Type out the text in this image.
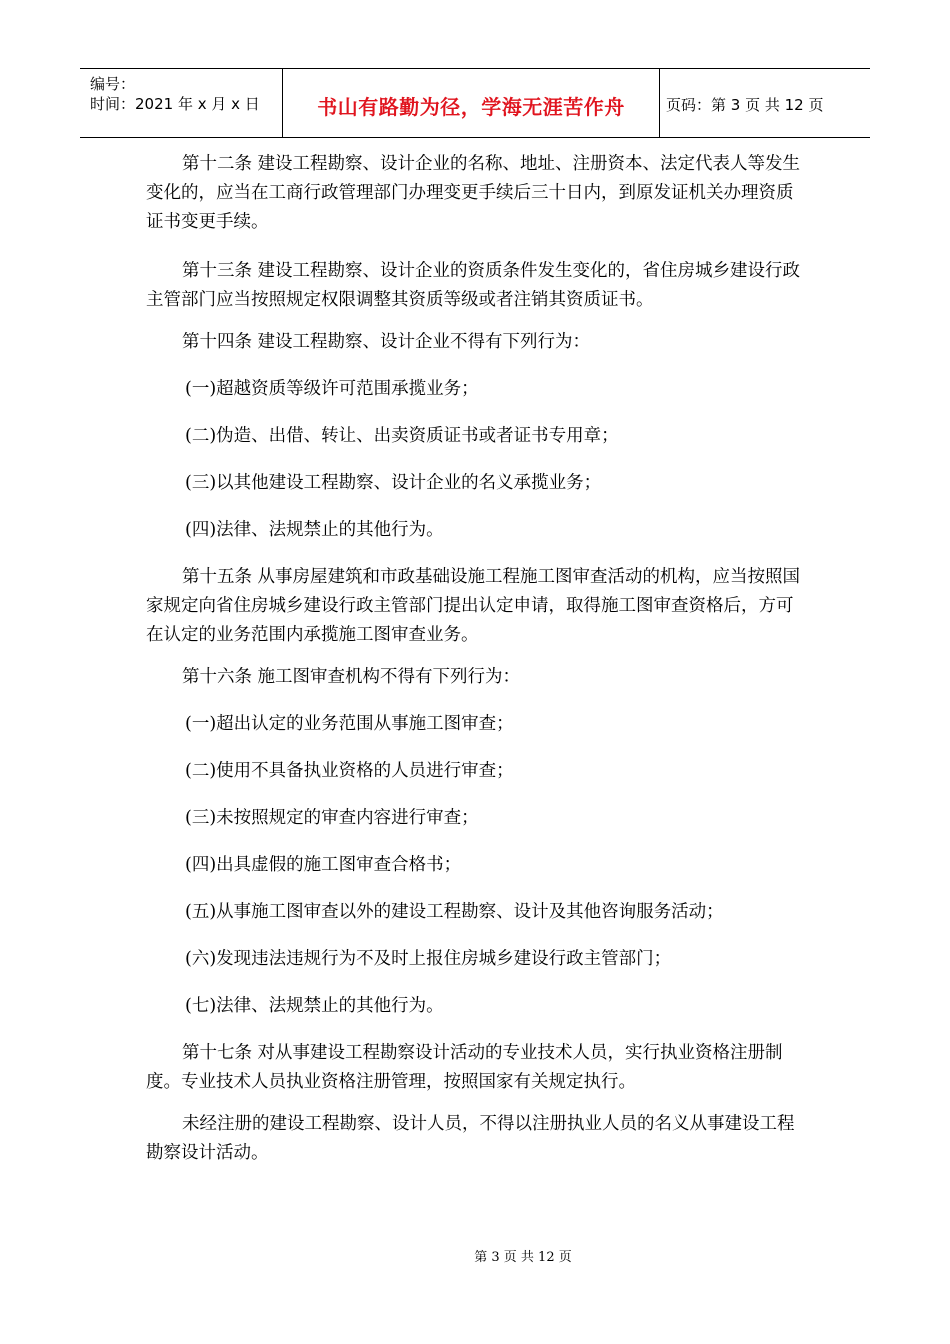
编号：
时间：2021 年 x 月 x 日	书山有路勤为径，学海无涯苦作舟	页码：第 3 页 共 12 页

第十二条 建设工程勘察、设计企业的名称、地址、注册资本、法定代表人等发生变化的，应当在工商行政管理部门办理变更手续后三十日内，到原发证机关办理资质证书变更手续。

第十三条 建设工程勘察、设计企业的资质条件发生变化的，省住房城乡建设行政主管部门应当按照规定权限调整其资质等级或者注销其资质证书。

第十四条 建设工程勘察、设计企业不得有下列行为：

(一)超越资质等级许可范围承揽业务；

(二)伪造、出借、转让、出卖资质证书或者证书专用章；

(三)以其他建设工程勘察、设计企业的名义承揽业务；

(四)法律、法规禁止的其他行为。

第十五条 从事房屋建筑和市政基础设施工程施工图审查活动的机构，应当按照国家规定向省住房城乡建设行政主管部门提出认定申请，取得施工图审查资格后，方可在认定的业务范围内承揽施工图审查业务。

第十六条 施工图审查机构不得有下列行为：

(一)超出认定的业务范围从事施工图审查；

(二)使用不具备执业资格的人员进行审查；

(三)未按照规定的审查内容进行审查；

(四)出具虚假的施工图审查合格书；

(五)从事施工图审查以外的建设工程勘察、设计及其他咨询服务活动；

(六)发现违法违规行为不及时上报住房城乡建设行政主管部门；

(七)法律、法规禁止的其他行为。

第十七条 对从事建设工程勘察设计活动的专业技术人员，实行执业资格注册制度。专业技术人员执业资格注册管理，按照国家有关规定执行。

未经注册的建设工程勘察、设计人员，不得以注册执业人员的名义从事建设工程勘察设计活动。

第 3 页 共 12 页
